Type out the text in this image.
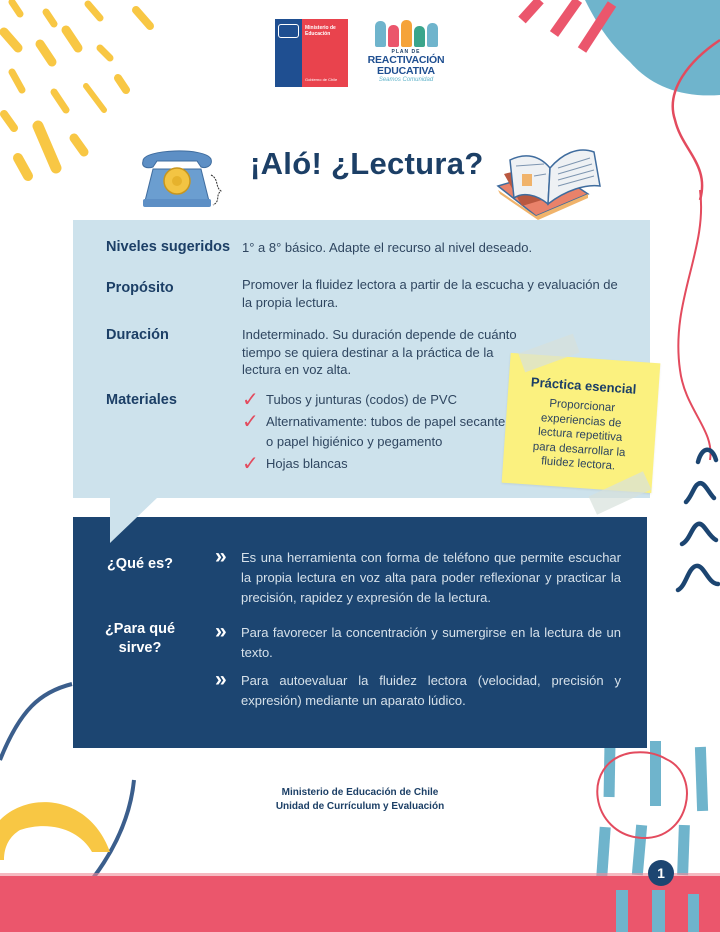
Ministerio de
Educación
Gobierno de Chile
PLAN DE
REACTIVACIÓN
EDUCATIVA
Seamos Comunidad
¡Aló! ¿Lectura?
Niveles sugeridos 1° a 8° básico. Adapte el recurso al nivel deseado.
Propósito	Promover la fluidez lectora a partir de la escucha y evaluación de la propia lectura.
Duración	Indeterminado. Su duración depende de cuánto tiempo se quiera destinar a la práctica de la lectura en voz alta.
Materiales	✓ Tubos y junturas (codos) de PVC
✓ Alternativamente: tubos de papel secante o papel higiénico y pegamento
✓ Hojas blancas
Práctica esencial
Proporcionar experiencias de lectura repetitiva para desarrollar la fluidez lectora.
¿Qué es?	»	Es una herramienta con forma de teléfono que permite escuchar la propia lectura en voz alta para poder reflexionar y practicar la precisión, rapidez y expresión de la lectura.
¿Para qué
sirve?
»	Para favorecer la concentración y sumergirse en la lectura de un texto.
»	Para autoevaluar la fluidez lectora (velocidad, precisión y expresión) mediante un aparato lúdico.
Ministerio de Educación de Chile
Unidad de Currículum y Evaluación
1
